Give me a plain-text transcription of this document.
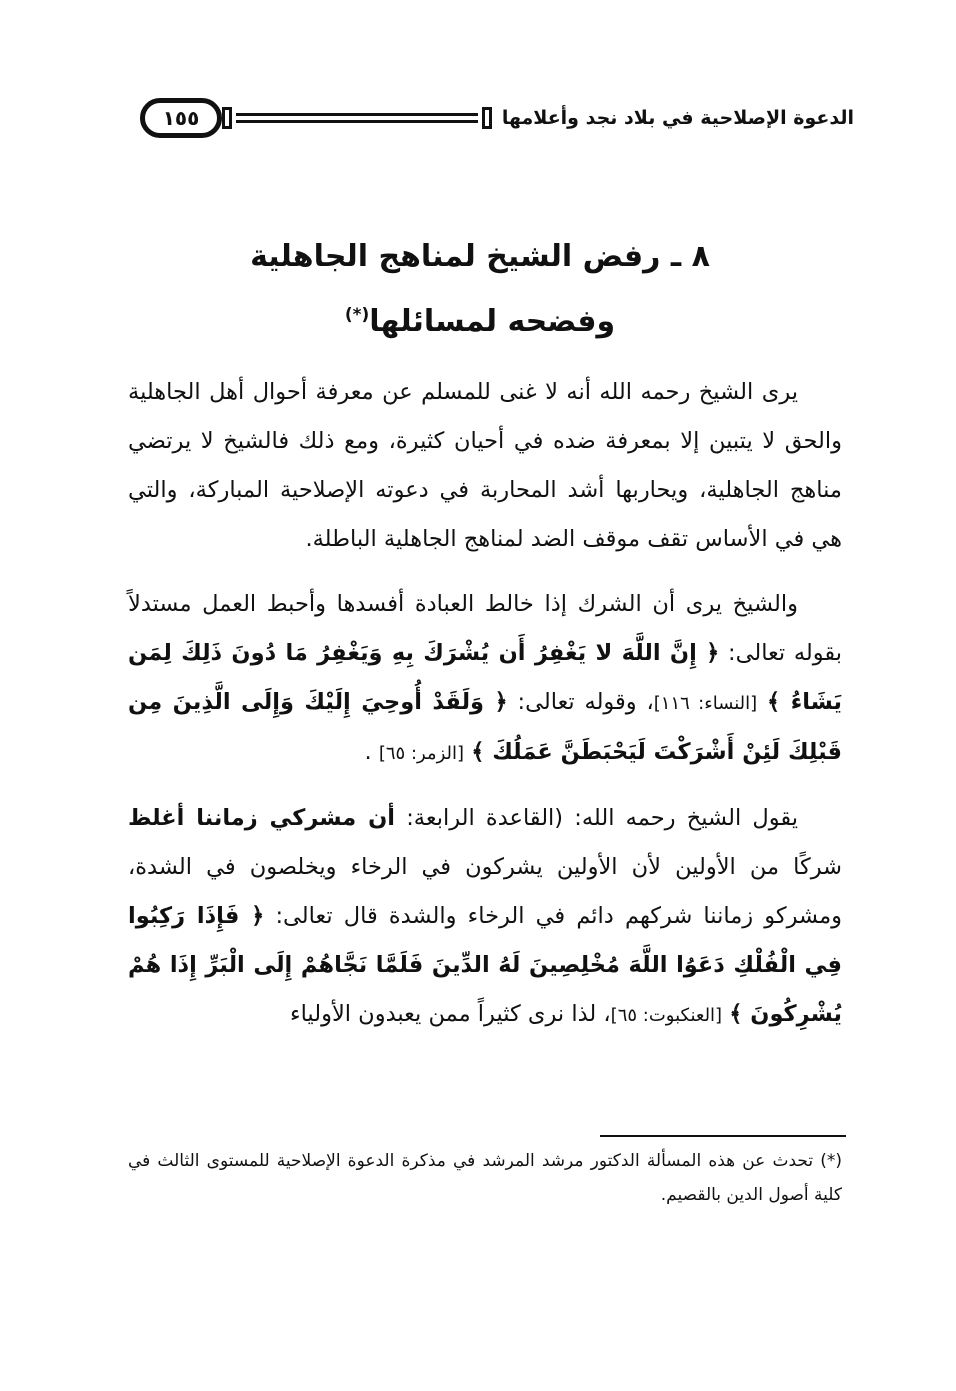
الدعوة الإصلاحية في بلاد نجد وأعلامها
١٥٥
٨ ـ رفض الشيخ لمناهج الجاهلية
وفضحه لمسائلها(*)

يرى الشيخ رحمه الله أنه لا غنى للمسلم عن معرفة أحوال أهل الجاهلية والحق لا يتبين إلا بمعرفة ضده في أحيان كثيرة، ومع ذلك فالشيخ لا يرتضي مناهج الجاهلية، ويحاربها أشد المحاربة في دعوته الإصلاحية المباركة، والتي هي في الأساس تقف موقف الضد لمناهج الجاهلية الباطلة.

والشيخ يرى أن الشرك إذا خالط العبادة أفسدها وأحبط العمل مستدلاً بقوله تعالى: ﴿ إِنَّ اللَّهَ لا يَغْفِرُ أَن يُشْرَكَ بِهِ وَيَغْفِرُ مَا دُونَ ذَلِكَ لِمَن يَشَاءُ ﴾ [النساء: ١١٦]، وقوله تعالى: ﴿ وَلَقَدْ أُوحِيَ إِلَيْكَ وَإِلَى الَّذِينَ مِن قَبْلِكَ لَئِنْ أَشْرَكْتَ لَيَحْبَطَنَّ عَمَلُكَ ﴾ [الزمر: ٦٥] .

يقول الشيخ رحمه الله: (القاعدة الرابعة: أن مشركي زماننا أغلظ شركًا من الأولين لأن الأولين يشركون في الرخاء ويخلصون في الشدة، ومشركو زماننا شركهم دائم في الرخاء والشدة قال تعالى: ﴿ فَإِذَا رَكِبُوا فِي الْفُلْكِ دَعَوُا اللَّهَ مُخْلِصِينَ لَهُ الدِّينَ فَلَمَّا نَجَّاهُمْ إِلَى الْبَرِّ إِذَا هُمْ يُشْرِكُونَ ﴾ [العنكبوت: ٦٥]، لذا نرى كثيراً ممن يعبدون الأولياء

(*) تحدث عن هذه المسألة الدكتور مرشد المرشد في مذكرة الدعوة الإصلاحية للمستوى الثالث في كلية أصول الدين بالقصيم.
